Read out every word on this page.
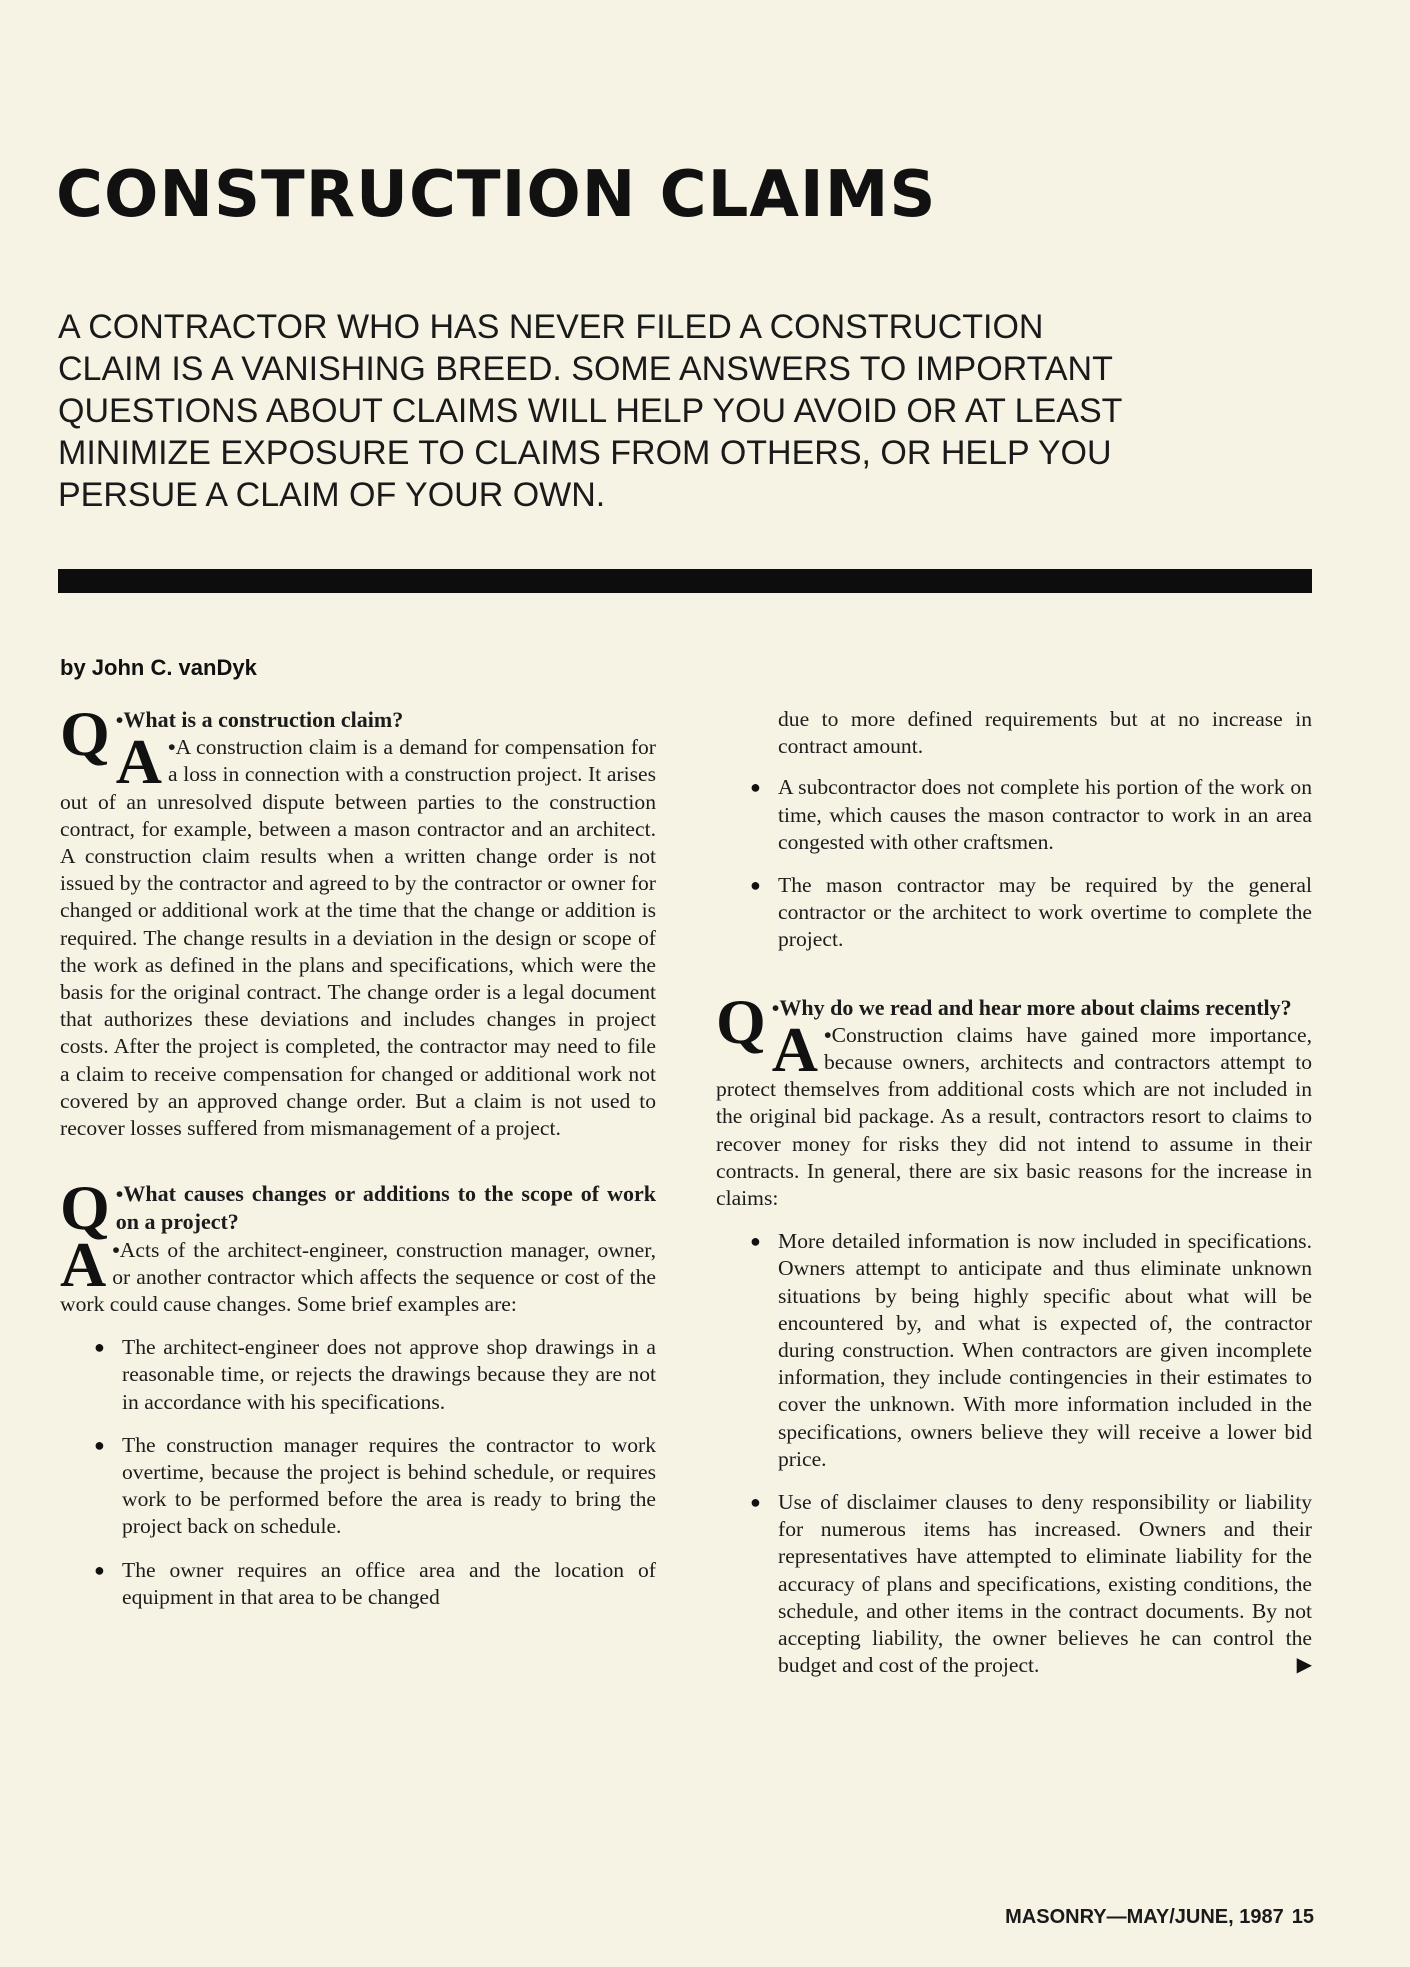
CONSTRUCTION CLAIMS
A CONTRACTOR WHO HAS NEVER FILED A CONSTRUCTION
CLAIM IS A VANISHING BREED. SOME ANSWERS TO IMPORTANT
QUESTIONS ABOUT CLAIMS WILL HELP YOU AVOID OR AT LEAST
MINIMIZE EXPOSURE TO CLAIMS FROM OTHERS, OR HELP YOU
PERSUE A CLAIM OF YOUR OWN.
by John C. vanDyk

Q •What is a construction claim?

A •A construction claim is a demand for compensation for a loss in connection with a construction project. It arises out of an unresolved dispute between parties to the construction contract, for example, between a mason contractor and an architect. A construction claim results when a written change order is not issued by the contractor and agreed to by the contractor or owner for changed or additional work at the time that the change or addition is required. The change results in a deviation in the design or scope of the work as defined in the plans and specifications, which were the basis for the original contract. The change order is a legal document that authorizes these deviations and includes changes in project costs. After the project is completed, the contractor may need to file a claim to receive compensation for changed or additional work not covered by an approved change order. But a claim is not used to recover losses suffered from mismanagement of a project.

Q •What causes changes or additions to the scope of work on a project?

A •Acts of the architect-engineer, construction manager, owner, or another contractor which affects the sequence or cost of the work could cause changes. Some brief examples are:

● The architect-engineer does not approve shop drawings in a reasonable time, or rejects the drawings because they are not in accordance with his specifications.
● The construction manager requires the contractor to work overtime, because the project is behind schedule, or requires work to be performed before the area is ready to bring the project back on schedule.
● The owner requires an office area and the location of equipment in that area to be changed

due to more defined requirements but at no increase in contract amount.

● A subcontractor does not complete his portion of the work on time, which causes the mason contractor to work in an area congested with other craftsmen.
● The mason contractor may be required by the general contractor or the architect to work overtime to complete the project.

Q •Why do we read and hear more about claims recently?

A •Construction claims have gained more importance, because owners, architects and contractors attempt to protect themselves from additional costs which are not included in the original bid package. As a result, contractors resort to claims to recover money for risks they did not intend to assume in their contracts. In general, there are six basic reasons for the increase in claims:

● More detailed information is now included in specifications. Owners attempt to anticipate and thus eliminate unknown situations by being highly specific about what will be encountered by, and what is expected of, the contractor during construction. When contractors are given incomplete information, they include contingencies in their estimates to cover the unknown. With more information included in the specifications, owners believe they will receive a lower bid price.
● Use of disclaimer clauses to deny responsibility or liability for numerous items has increased. Owners and their representatives have attempted to eliminate liability for the accuracy of plans and specifications, existing conditions, the schedule, and other items in the contract documents. By not accepting liability, the owner believes he can control the budget and cost of the project.	▶
MASONRY—MAY/JUNE, 1987 15
